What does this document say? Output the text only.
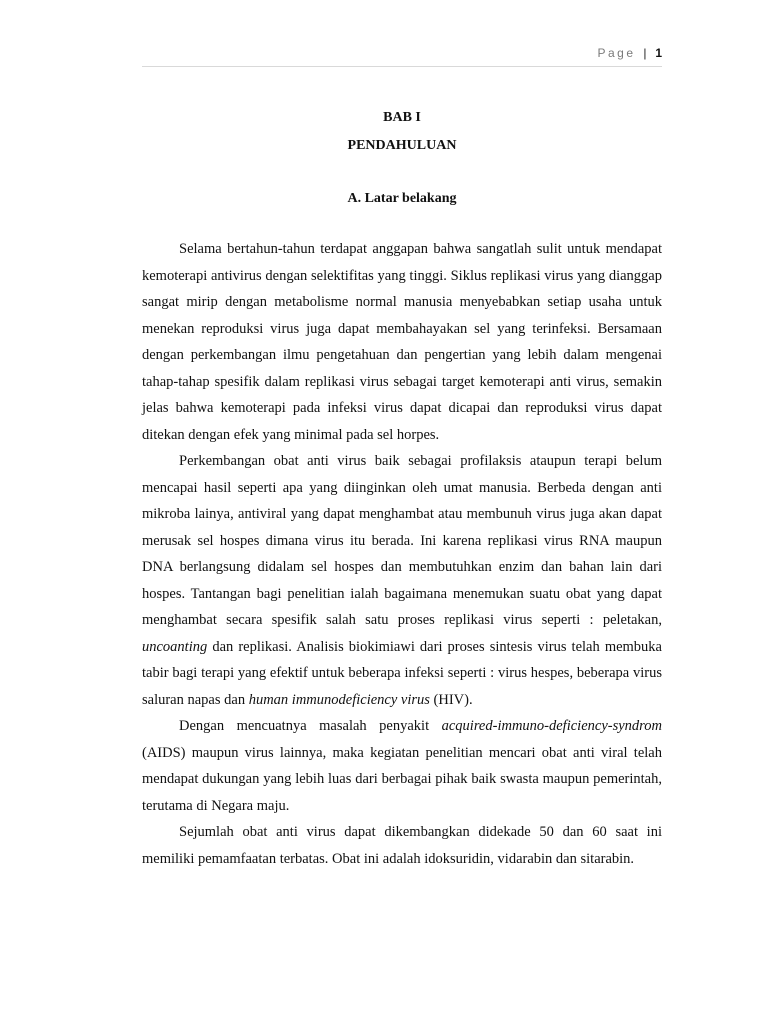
Page | 1
BAB I
PENDAHULUAN
A. Latar belakang

Selama bertahun-tahun terdapat anggapan bahwa sangatlah sulit untuk mendapat kemoterapi antivirus dengan selektifitas yang tinggi. Siklus replikasi virus yang dianggap sangat mirip dengan metabolisme normal manusia menyebabkan setiap usaha untuk menekan reproduksi virus juga dapat membahayakan sel yang terinfeksi. Bersamaan dengan perkembangan ilmu pengetahuan dan pengertian yang lebih dalam mengenai tahap-tahap spesifik dalam replikasi virus sebagai target kemoterapi anti virus, semakin jelas bahwa kemoterapi pada infeksi virus dapat dicapai dan reproduksi virus dapat ditekan dengan efek yang minimal pada sel horpes.

Perkembangan obat anti virus baik sebagai profilaksis ataupun terapi belum mencapai hasil seperti apa yang diinginkan oleh umat manusia. Berbeda dengan anti mikroba lainya, antiviral yang dapat menghambat atau membunuh virus juga akan dapat merusak sel hospes dimana virus itu berada. Ini karena replikasi virus RNA maupun DNA berlangsung didalam sel hospes dan membutuhkan enzim dan bahan lain dari hospes. Tantangan bagi penelitian ialah bagaimana menemukan suatu obat yang dapat menghambat secara spesifik salah satu proses replikasi virus seperti : peletakan, uncoanting dan replikasi. Analisis biokimiawi dari proses sintesis virus telah membuka tabir bagi terapi yang efektif untuk beberapa infeksi seperti : virus hespes, beberapa virus saluran napas dan human immunodeficiency virus (HIV).

Dengan mencuatnya masalah penyakit acquired-immuno-deficiency-syndrom (AIDS) maupun virus lainnya, maka kegiatan penelitian mencari obat anti viral telah mendapat dukungan yang lebih luas dari berbagai pihak baik swasta maupun pemerintah, terutama di Negara maju.

Sejumlah obat anti virus dapat dikembangkan didekade 50 dan 60 saat ini memiliki pemamfaatan terbatas. Obat ini adalah idoksuridin, vidarabin dan sitarabin.
